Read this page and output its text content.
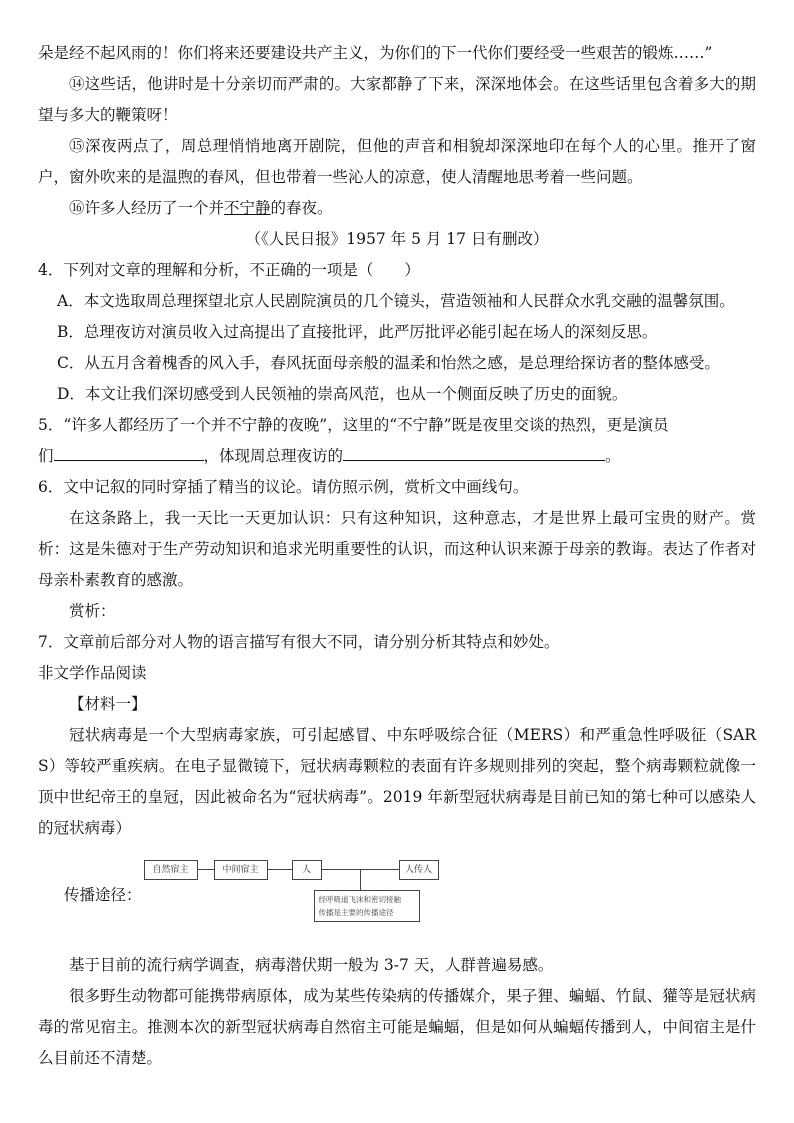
朵是经不起风雨的！你们将来还要建设共产主义，为你们的下一代你们要经受一些艰苦的锻炼……”

⑭这些话，他讲时是十分亲切而严肃的。大家都静了下来，深深地体会。在这些话里包含着多大的期望与多大的鞭策呀！

⑮深夜两点了，周总理悄悄地离开剧院，但他的声音和相貌却深深地印在每个人的心里。推开了窗户，窗外吹来的是温煦的春风，但也带着一些沁人的凉意，使人清醒地思考着一些问题。

⑯许多人经历了一个并不宁静的春夜。

（《人民日报》1957 年 5 月 17 日有删改）

4．下列对文章的理解和分析，不正确的一项是（　　）

A．本文选取周总理探望北京人民剧院演员的几个镜头，营造领袖和人民群众水乳交融的温馨氛围。

B．总理夜访对演员收入过高提出了直接批评，此严厉批评必能引起在场人的深刻反思。

C．从五月含着槐香的风入手，春风抚面母亲般的温柔和怡然之感，是总理给探访者的整体感受。

D．本文让我们深切感受到人民领袖的崇高风范，也从一个侧面反映了历史的面貌。

5．“许多人都经历了一个并不宁静的夜晚”，这里的“不宁静”既是夜里交谈的热烈，更是演员

们	，体现周总理夜访的	。

6．文中记叙的同时穿插了精当的议论。请仿照示例，赏析文中画线句。

在这条路上，我一天比一天更加认识：只有这种知识，这种意志，才是世界上最可宝贵的财产。赏析：这是朱德对于生产劳动知识和追求光明重要性的认识，而这种认识来源于母亲的教诲。表达了作者对母亲朴素教育的感激。

赏析：

7．文章前后部分对人物的语言描写有很大不同，请分别分析其特点和妙处。

非文学作品阅读

【材料一】

冠状病毒是一个大型病毒家族，可引起感冒、中东呼吸综合征（MERS）和严重急性呼吸征（SARS）等较严重疾病。在电子显微镜下，冠状病毒颗粒的表面有许多规则排列的突起，整个病毒颗粒就像一顶中世纪帝王的皇冠，因此被命名为“冠状病毒”。2019 年新型冠状病毒是目前已知的第七种可以感染人的冠状病毒）

传播途径：
自然宿主	中间宿主	人	人传人
经呼吸道飞沫和密切接触
传播是主要的传播途径

基于目前的流行病学调查，病毒潜伏期一般为 3-7 天，人群普遍易感。

很多野生动物都可能携带病原体，成为某些传染病的传播媒介，果子狸、蝙蝠、竹鼠、獾等是冠状病毒的常见宿主。推测本次的新型冠状病毒自然宿主可能是蝙蝠，但是如何从蝙蝠传播到人，中间宿主是什么目前还不清楚。
